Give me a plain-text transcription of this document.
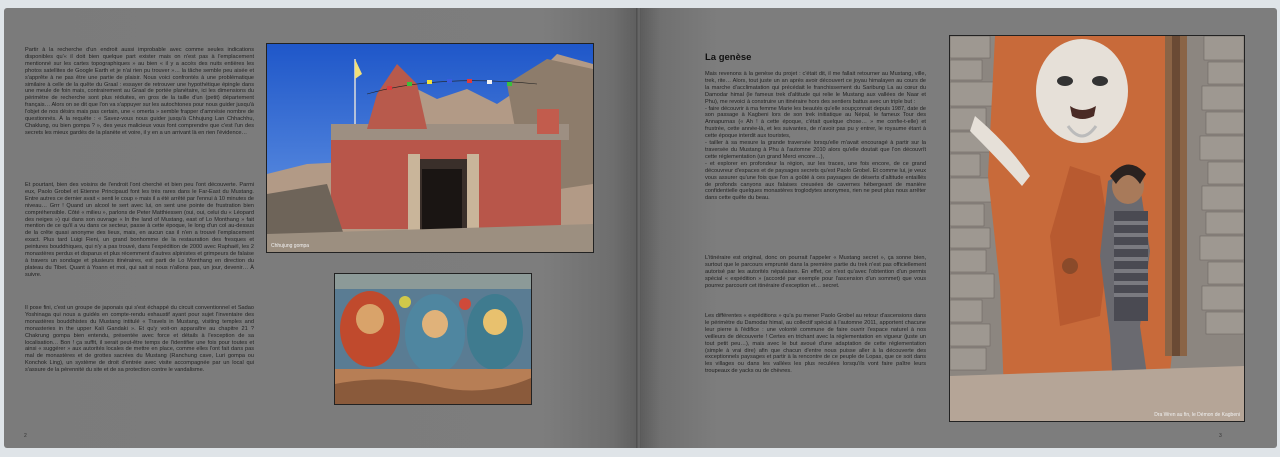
Partir à la recherche d'un endroit aussi improbable avec comme seules indications disponibles qu'« il doit bien quelque part exister mais on n'est pas à l'emplacement mentionné sur les cartes topographiques » au bien « il y a accès des nuits entières les photos satellites de Google Earth et je n'ai rien pu trouver »… la tâche semble peu aisée et s'apprête à ne pas être une partie de plaisir. Nous voici confrontés à une problématique similaire à celle de la quête du Graal : essayer de retrouver une hypothétique épingle dans une meule de foin mais, contrairement au Graal de portée planétaire, ici les dimensions du périmètre de recherche sont plus réduites, en gros de la taille d'un (petit) département français… Alors on se dit que l'on va s'appuyer sur les autochtones pour nous guider jusqu'à l'objet de nos désirs mais pas certain, une « omerta » semble frapper d'amnésie nombre de questionnés. À la requête : « Savez-vous nous guider jusqu'à Chhujung Lan Chhachhu, Chaklung, ou bien gompa ? », des yeux malicieux vous font comprendre que c'est l'un des secrets les mieux gardés de la planète et voire, il y en a un arrivant là en rien l'évidence…

Et pourtant, bien des voisins de l'endroit l'ont cherché et bien peu l'ont découverte. Parmi eux, Paolo Grobel et Etienne Principaud font les très rares dans le Far-East du Mustang. Entre autres ce dernier avait « senti le coup » mais il a été arrêté par l'ennui à 10 minutes de niveau… Grrr ! Quand un alcool te sert avec lui, on sent une pointe de frustration bien compréhensible. Côté « milieu », parlons de Peter Matthiessen (oui, oui, celui du « Léopard des neiges ») qui dans son ouvrage « In the land of Mustang, east of Lo Monthang » fait mention de ce qu'il a vu dans ce secteur, passe à cette époque, le long d'un col au-dessus de la crête quasi anonyme des lieux, mais, en aucun cas il n'en a trouvé l'emplacement exact. Plus tard Luigi Fieni, un grand bonhomme de la restauration des fresques et peintures bouddhiques, qui n'y a pas trouvé, dans l'expédition de 2000 avec Raphaël, les 2 monastères perdus et disparus et plus récemment d'autres alpinistes et grimpeurs de falaise à travers un sondage et plusieurs itinéraires, est parti de Lo Monthang en direction du plateau du Tibet. Quant à Yoann et moi, qui sait si nous n'allons pas, un jour, devenir… À suivre.

Il pose fini, c'est un groupe de japonais qui s'est échappé du circuit conventionnel et Sadao Yoshinaga qui nous a guidés en compte-rendu exhaustif ayant pour sujet l'inventaire des monastères bouddhistes du Mustang intitulé « Travels in Mustang, visiting temples and monasteries in the upper Kali Gandaki ». Et qu'y voit-on apparaître au chapitre 21 ? Chakrung gompa bien entendu, présentée avec force et détails à l'exception de sa localisation… Bon ! ça suffit, il serait peut-être temps de l'identifier une fois pour toutes et ainsi « suggérer » aux autorités locales de mettre en place, comme elles l'ont fait dans pas mal de monastères et de grottes sacrées du Mustang (Ranchung cave, Luri gompa ou Konchok Ling), un système de droit d'entrée avec visite accompagnée par un local qui s'assure de la pérennité du site et de sa protection contre le vandalisme.

Chhujung gompa
2
La genèse

Mais revenons à la genèse du projet : c'était dit, il me fallait retourner au Mustang, ville, trek, rite… Alors, tout juste un an après avoir découvert ce joyau himalayen au cours de la marche d'acclimatation qui précédait le franchissement du Saribung La au cœur du Damodar himal (le fameux trek d'altitude qui relie le Mustang aux vallées de Naar et Phu), me revoici à construire un itinéraire hors des sentiers battus avec un triple but :
- faire découvrir à ma femme Marie les beautés qu'elle soupçonnait depuis 1987, date de son passage à Kagbeni lors de son trek initiatique au Népal, le fameux Tour des Annapurnas (« Ah ! à cette époque, c'était quelque chose… » me confie-t-elle) et frustrée, cette année-là, et les suivantes, de n'avoir pas pu y entrer, le royaume étant à cette époque interdit aux touristes,
- tailler à sa mesure la grande traversée lorsqu'elle m'avait encouragé à partir sur la traversée du Mustang à Phu à l'automne 2010 alors qu'elle doutait que l'on découvrît cette réglementation (un grand Merci encore…),
- et explorer en profondeur la région, sur les traces, une fois encore, de ce grand découvreur d'espaces et de paysages secrets qu'est Paolo Grobel. Et comme lui, je veux vous assurer qu'une fois que l'on a goûté à ces paysages de déserts d'altitude entaillés de profonds canyons aux falaises creusées de cavernes hébergeant de manière confidentielle quelques monastères troglodytes anonymes, rien ne peut plus nous arrêter dans cette quête du beau.

L'itinéraire est original, donc on pourrait l'appeler « Mustang secret », ça sonne bien, surtout que le parcours emprunté dans la première partie du trek n'est pas officiellement autorisé par les autorités népalaises. En effet, ce n'est qu'avec l'obtention d'un permis spécial « expédition » (accordé par exemple pour l'ascension d'un sommet) que vous pourrez parcourir cet itinéraire d'exception et… secret.

Les différentes « expéditions » qu'a pu mener Paolo Grobel au retour d'ascensions dans le périmètre du Damodar himal, au collectif spécial à l'automne 2011, apportent chacune leur pierre à l'édifice : une volonté commune de faire ouvrir l'espace naturel à nos veilleurs de découverte ! Certes en trichant avec la réglementation en vigueur (juste un tout petit peu…), mais avec le but avoué d'une adaptation de cette réglementation (simple à vrai dire) afin que chacun d'entre nous puisse aller à la découverte des exceptionnels paysages et partir à la rencontre de ce peuple de Lopas, que ce soit dans les villages ou dans les vallées les plus reculées lorsqu'ils vont faire paître leurs troupeaux de yacks ou de chèvres.

Dra Wren au fin, le Démon de Kagbeni
3
